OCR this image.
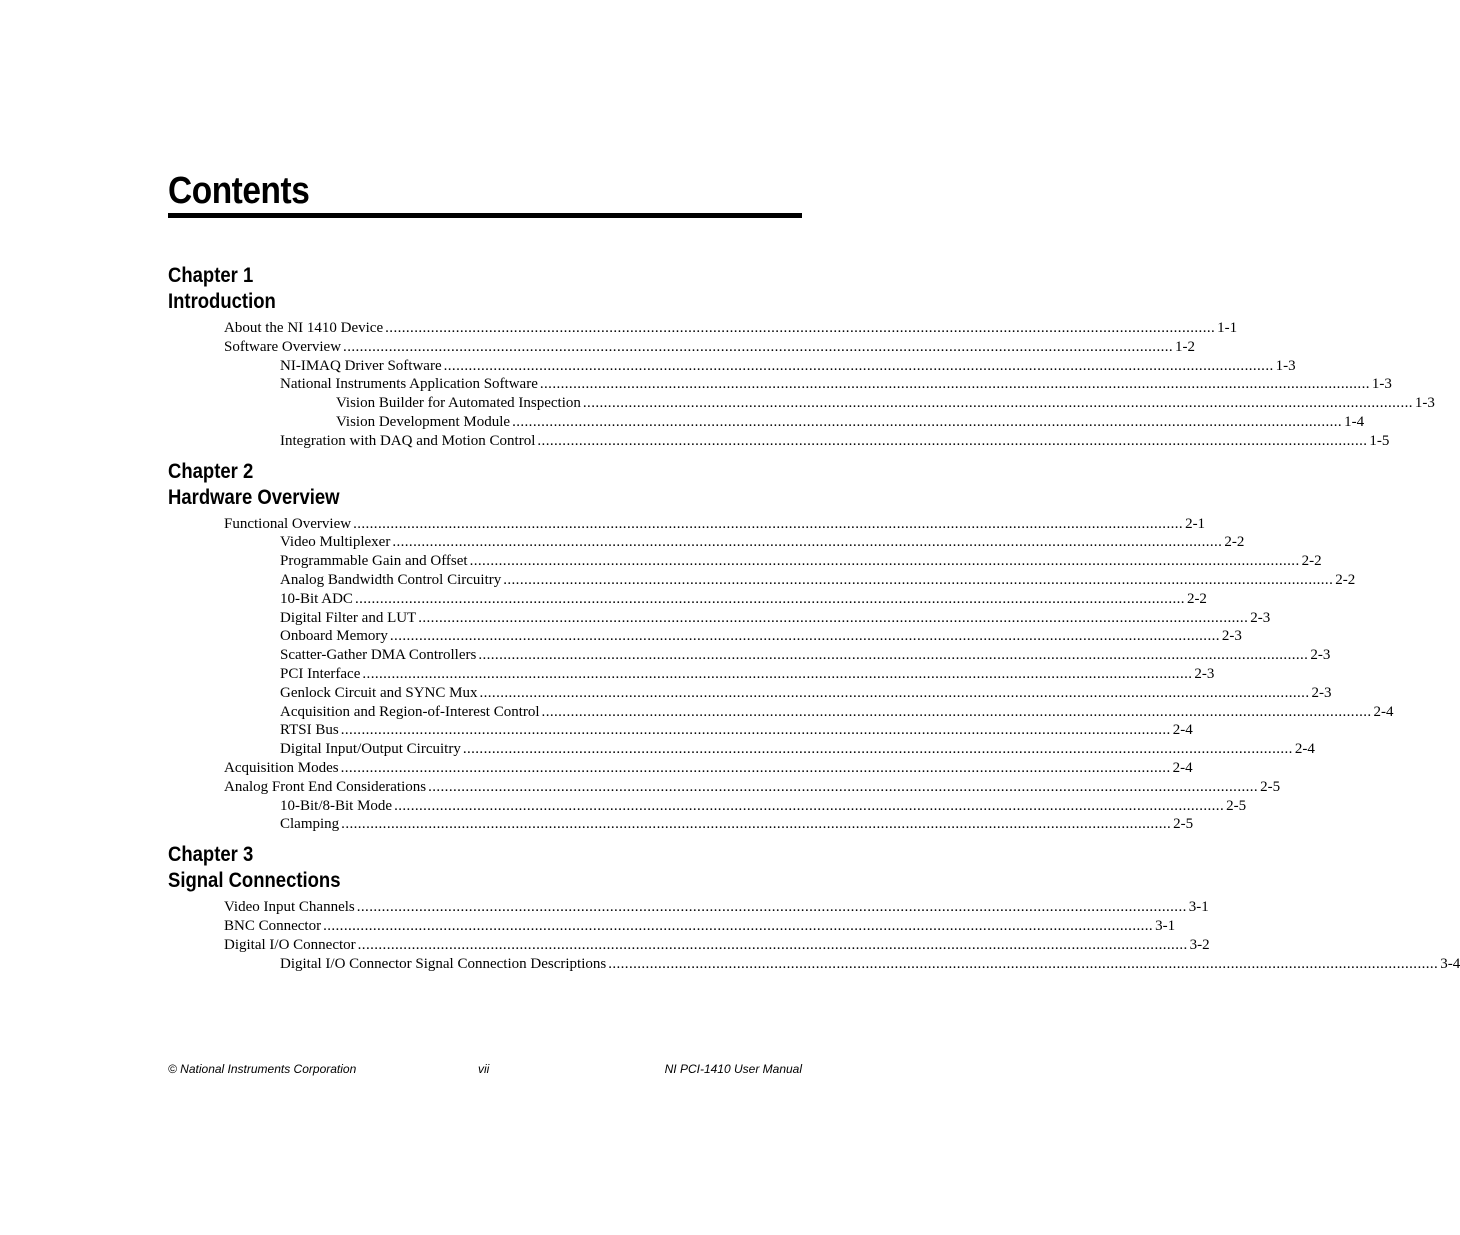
Contents
Chapter 1
Introduction
About the NI 1410 Device ........................................................................................................................................................................................................ 1-1
Software Overview ........................................................................................................................................................................................................ 1-2
NI-IMAQ Driver Software ........................................................................................................................................................................................................ 1-3
National Instruments Application Software ........................................................................................................................................................................................................ 1-3
Vision Builder for Automated Inspection ........................................................................................................................................................................................................ 1-3
Vision Development Module ........................................................................................................................................................................................................ 1-4
Integration with DAQ and Motion Control ........................................................................................................................................................................................................ 1-5
Chapter 2
Hardware Overview
Functional Overview ........................................................................................................................................................................................................ 2-1
Video Multiplexer ........................................................................................................................................................................................................ 2-2
Programmable Gain and Offset ........................................................................................................................................................................................................ 2-2
Analog Bandwidth Control Circuitry ........................................................................................................................................................................................................ 2-2
10-Bit ADC ........................................................................................................................................................................................................ 2-2
Digital Filter and LUT ........................................................................................................................................................................................................ 2-3
Onboard Memory ........................................................................................................................................................................................................ 2-3
Scatter-Gather DMA Controllers ........................................................................................................................................................................................................ 2-3
PCI Interface ........................................................................................................................................................................................................ 2-3
Genlock Circuit and SYNC Mux ........................................................................................................................................................................................................ 2-3
Acquisition and Region-of-Interest Control ........................................................................................................................................................................................................ 2-4
RTSI Bus ........................................................................................................................................................................................................ 2-4
Digital Input/Output Circuitry ........................................................................................................................................................................................................ 2-4
Acquisition Modes ........................................................................................................................................................................................................ 2-4
Analog Front End Considerations ........................................................................................................................................................................................................ 2-5
10-Bit/8-Bit Mode ........................................................................................................................................................................................................ 2-5
Clamping ........................................................................................................................................................................................................ 2-5
Chapter 3
Signal Connections
Video Input Channels ........................................................................................................................................................................................................ 3-1
BNC Connector ........................................................................................................................................................................................................ 3-1
Digital I/O Connector ........................................................................................................................................................................................................ 3-2
Digital I/O Connector Signal Connection Descriptions ........................................................................................................................................................................................................ 3-4
© National Instruments Corporation	vii	NI PCI-1410 User Manual
